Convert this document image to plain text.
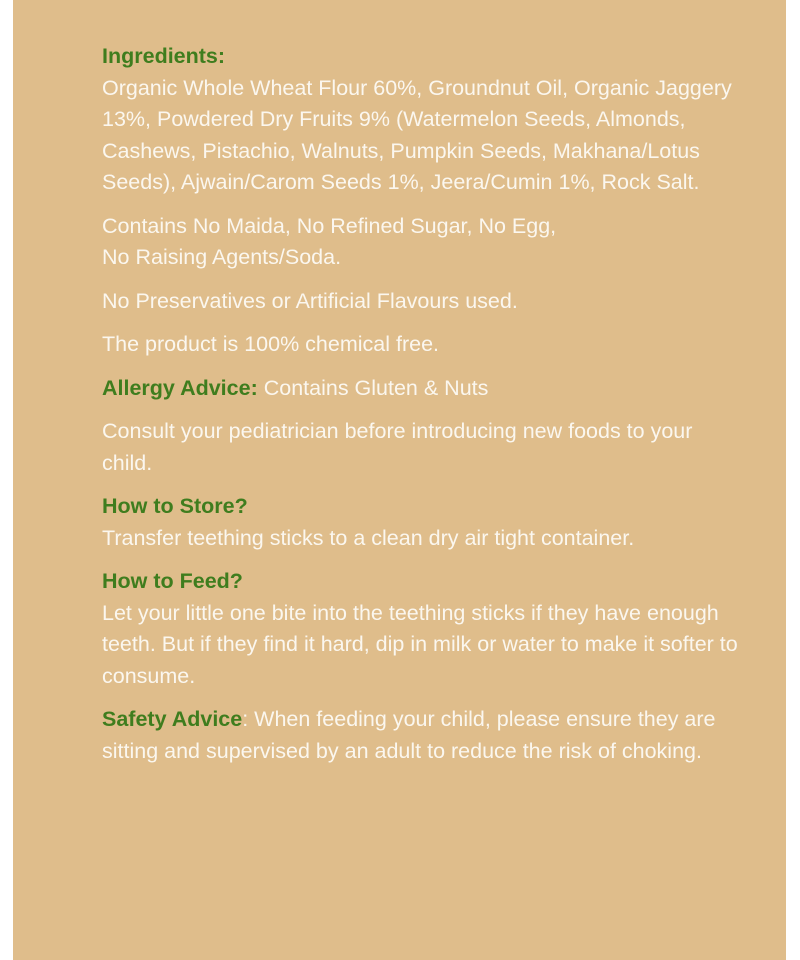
Ingredients:
Organic Whole Wheat Flour 60%, Groundnut Oil, Organic Jaggery 13%, Powdered Dry Fruits 9% (Watermelon Seeds, Almonds, Cashews, Pistachio, Walnuts, Pumpkin Seeds, Makhana/Lotus Seeds), Ajwain/Carom Seeds 1%, Jeera/Cumin 1%, Rock Salt.
Contains No Maida, No Refined Sugar, No Egg,
No Raising Agents/Soda.
No Preservatives or Artificial Flavours used.
The product is 100% chemical free.
Allergy Advice: Contains Gluten & Nuts
Consult your pediatrician before introducing new foods to your child.
How to Store?
Transfer teething sticks to a clean dry air tight container.
How to Feed?
Let your little one bite into the teething sticks if they have enough teeth. But if they find it hard, dip in milk or water to make it softer to consume.
Safety Advice: When feeding your child, please ensure they are sitting and supervised by an adult to reduce the risk of choking.
